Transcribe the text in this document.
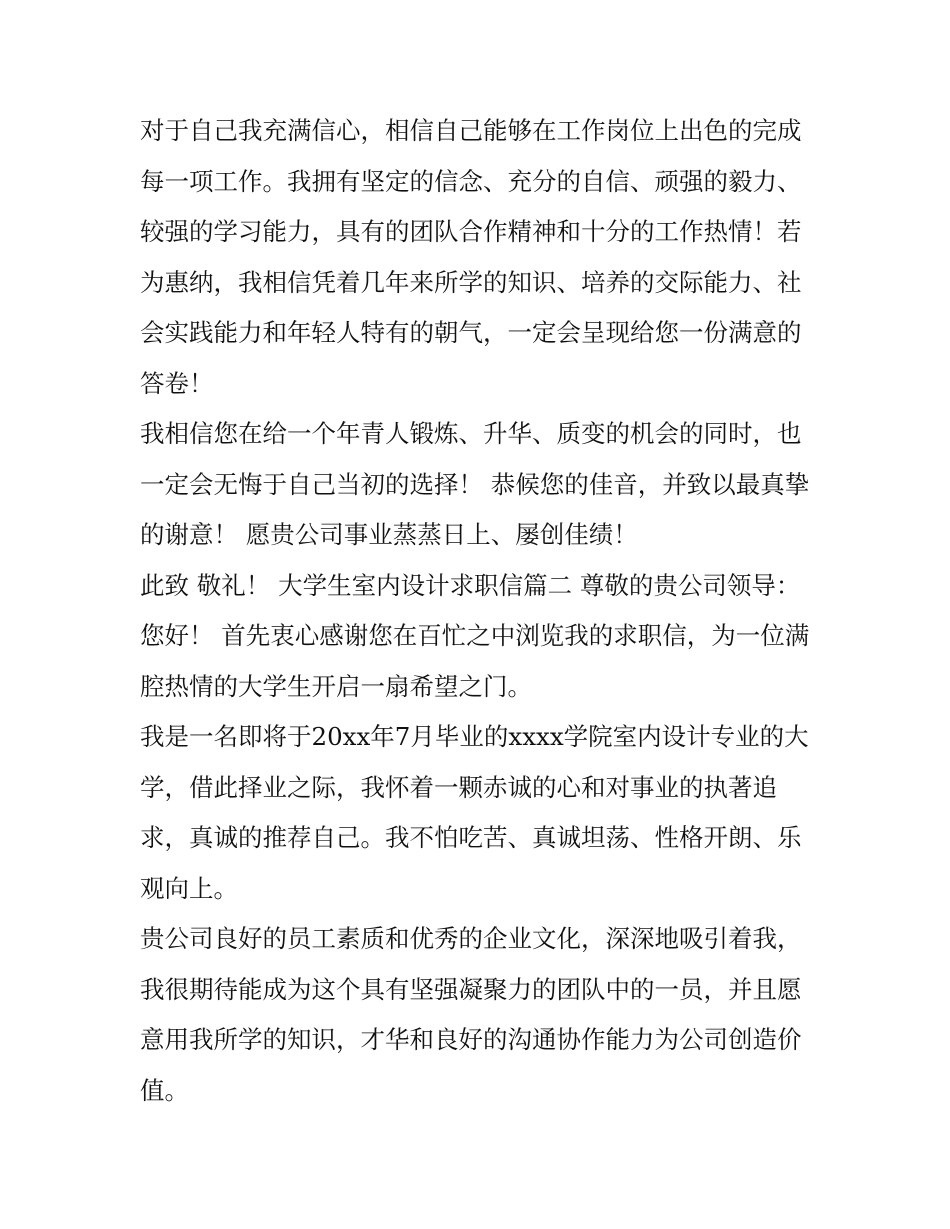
对于自己我充满信心，相信自己能够在工作岗位上出色的完成每一项工作。我拥有坚定的信念、充分的自信、顽强的毅力、较强的学习能力，具有的团队合作精神和十分的工作热情！若为惠纳，我相信凭着几年来所学的知识、培养的交际能力、社会实践能力和年轻人特有的朝气，一定会呈现给您一份满意的答卷！

我相信您在给一个年青人锻炼、升华、质变的机会的同时，也一定会无悔于自己当初的选择！ 恭候您的佳音，并致以最真挚的谢意！ 愿贵公司事业蒸蒸日上、屡创佳绩！

此致 敬礼！ 大学生室内设计求职信篇二 尊敬的贵公司领导：您好！ 首先衷心感谢您在百忙之中浏览我的求职信，为一位满腔热情的大学生开启一扇希望之门。

我是一名即将于20xx年7月毕业的xxxx学院室内设计专业的大学，借此择业之际，我怀着一颗赤诚的心和对事业的执著追求，真诚的推荐自己。我不怕吃苦、真诚坦荡、性格开朗、乐观向上。

贵公司良好的员工素质和优秀的企业文化，深深地吸引着我，我很期待能成为这个具有坚强凝聚力的团队中的一员，并且愿意用我所学的知识，才华和良好的沟通协作能力为公司创造价值。
